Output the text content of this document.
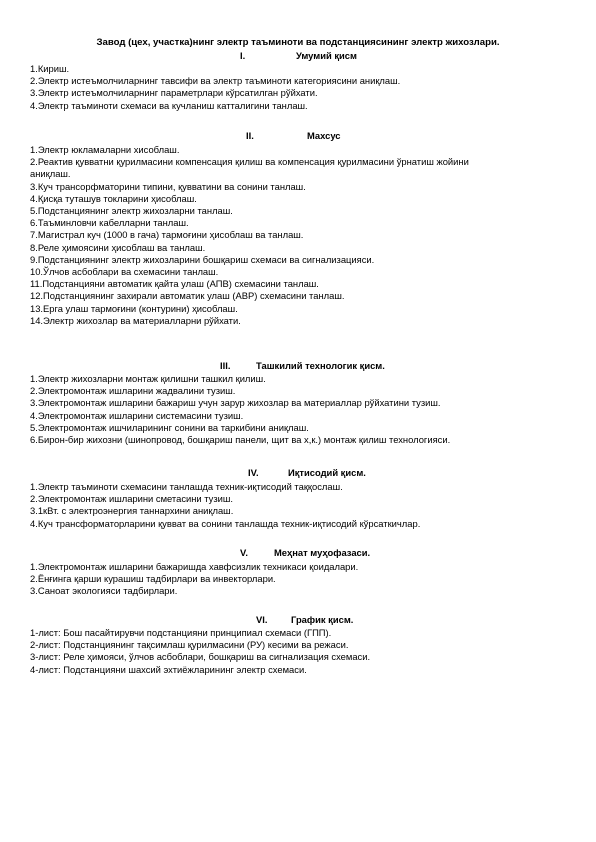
Завод (цех, участка)нинг электр таъминоти ва подстанциясининг электр жихозлари.
I.	Умумий қисм
1.Кириш.
2.Электр истеъмолчиларнинг тавсифи ва электр таъминоти категориясини аниқлаш.
3.Электр истеъмолчиларнинг параметрлари кўрсатилган рўйхати.
4.Электр таъминоти схемаси ва кучланиш катталигини танлаш.
II.	Махсус
1.Электр юкламаларни хисоблаш.
2.Реактив қувватни қурилмасини компенсация қилиш ва компенсация қурилмасини ўрнатиш жойини аниқлаш.
3.Куч трансорфматорини типини, қувватини ва сонини танлаш.
4.Қисқа туташув токларини ҳисоблаш.
5.Подстанциянинг электр жихозларни танлаш.
6.Таъминловчи кабелларни танлаш.
7.Магистрал куч (1000 в гача) тармоғини ҳисоблаш ва танлаш.
8.Реле ҳимоясини ҳисоблаш ва танлаш.
9.Подстанциянинг электр жихозларини бошқариш схемаси ва сигнализацияси.
10.Ўлчов асбоблари ва схемасини танлаш.
11.Подстанцияни автоматик қайта улаш (АПВ) схемасини танлаш.
12.Подстанциянинг захирали автоматик улаш (АВР) схемасини танлаш.
13.Ерга улаш тармоғини (контурини) ҳисоблаш.
14.Электр жихозлар ва материалларни рўйхати.
III.	Ташкилий технологик қисм.
1.Электр жихозларни монтаж қилишни ташкил қилиш.
2.Электромонтаж ишларини жадвалини тузиш.
3.Электромонтаж ишларини бажариш учун зарур жихозлар ва материаллар рўйхатини тузиш.
4.Электромонтаж ишларини системасини тузиш.
5.Электромонтаж ишчиларининг сонини ва таркибини аниқлаш.
6.Бирон-бир жихозни (шинопровод, бошқариш панели, щит ва х,к.) монтаж қилиш технологияси.
IV.	Иқтисодий қисм.
1.Электр таъминоти схемасини танлашда техник-иқтисодий таққослаш.
2.Электромонтаж ишларини сметасини тузиш.
3.1кВт. с электроэнергия таннархини аниқлаш.
4.Куч трансформаторларини қувват ва сонини танлашда техник-иқтисодий кўрсаткичлар.
V.	Меҳнат муҳофазаси.
1.Электромонтаж ишларини бажаришда хавфсизлик техникаси қоидалари.
2.Ёнғинга қарши курашиш тадбирлари ва инвекторлари.
3.Саноат экологияси тадбирлари.
VI.	График қисм.
1-лист: Бош пасайтирувчи подстанцияни принципиал схемаси (ГПП).
2-лист: Подстанциянинг тақсимлаш қурилмасини (РУ) кесими ва режаси.
3-лист: Реле ҳимояси, ўлчов асбоблари, бошқариш ва сигнализация схемаси.
4-лист: Подстанцияни шахсий эхтиёжларининг электр схемаси.
